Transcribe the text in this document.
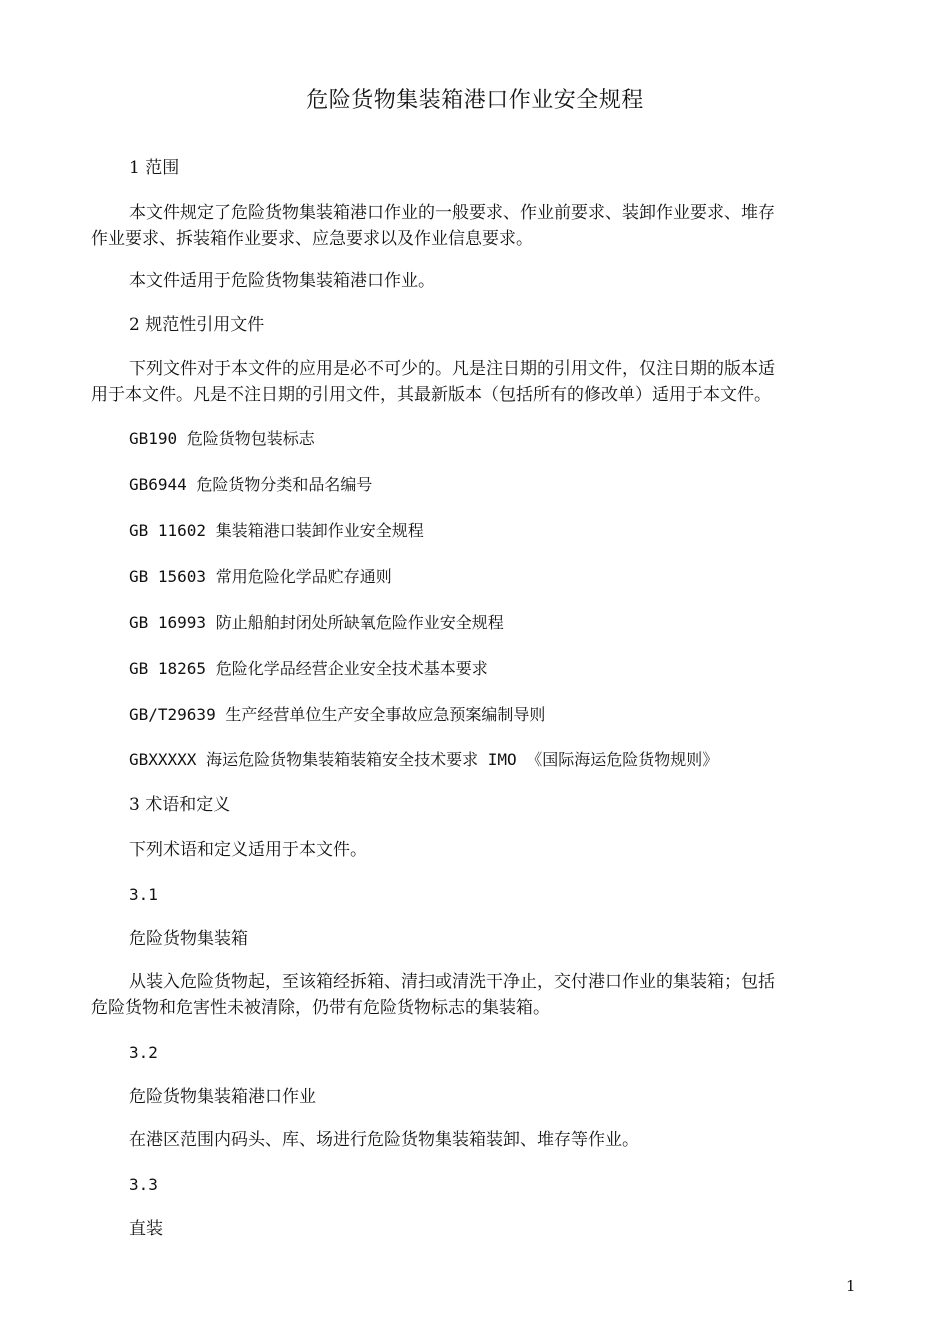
危险货物集装箱港口作业安全规程
1 范围
本文件规定了危险货物集装箱港口作业的一般要求、作业前要求、装卸作业要求、堆存
作业要求、拆装箱作业要求、应急要求以及作业信息要求。
本文件适用于危险货物集装箱港口作业。
2 规范性引用文件
下列文件对于本文件的应用是必不可少的。凡是注日期的引用文件，仅注日期的版本适
用于本文件。凡是不注日期的引用文件，其最新版本（包括所有的修改单）适用于本文件。
GB190 危险货物包装标志
GB6944 危险货物分类和品名编号
GB 11602 集装箱港口装卸作业安全规程
GB 15603 常用危险化学品贮存通则
GB 16993 防止船舶封闭处所缺氧危险作业安全规程
GB 18265 危险化学品经营企业安全技术基本要求
GB/T29639 生产经营单位生产安全事故应急预案编制导则
GBXXXXX 海运危险货物集装箱装箱安全技术要求 IMO 《国际海运危险货物规则》
3 术语和定义
下列术语和定义适用于本文件。
3.1
危险货物集装箱
从装入危险货物起，至该箱经拆箱、清扫或清洗干净止，交付港口作业的集装箱；包括
危险货物和危害性未被清除，仍带有危险货物标志的集装箱。
3.2
危险货物集装箱港口作业
在港区范围内码头、库、场进行危险货物集装箱装卸、堆存等作业。
3.3
直装
1
